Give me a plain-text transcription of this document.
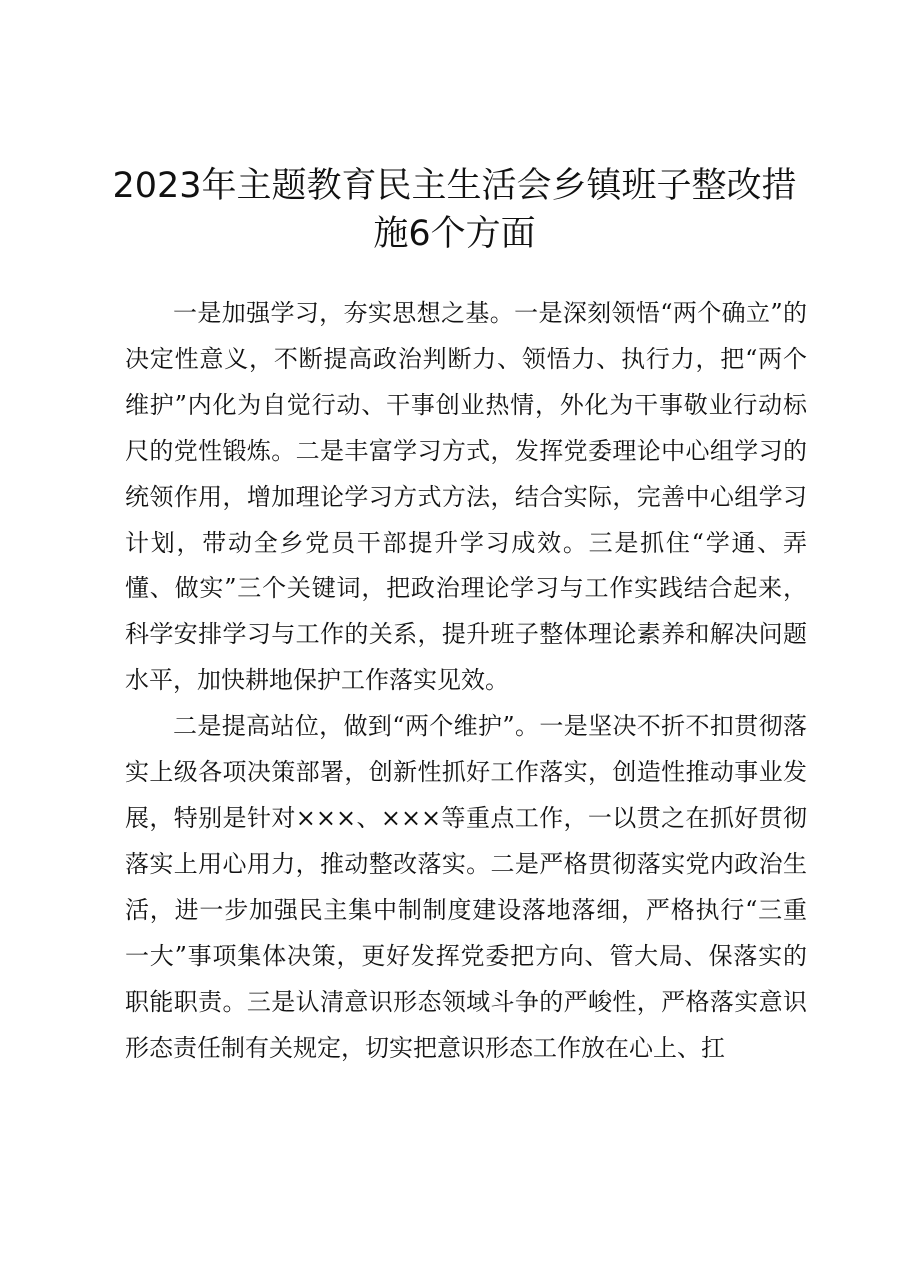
2023年主题教育民主生活会乡镇班子整改措施6个方面

一是加强学习，夯实思想之基。一是深刻领悟“两个确立”的决定性意义，不断提高政治判断力、领悟力、执行力，把“两个维护”内化为自觉行动、干事创业热情，外化为干事敬业行动标尺的党性锻炼。二是丰富学习方式，发挥党委理论中心组学习的统领作用，增加理论学习方式方法，结合实际，完善中心组学习计划，带动全乡党员干部提升学习成效。三是抓住“学通、弄懂、做实”三个关键词，把政治理论学习与工作实践结合起来，科学安排学习与工作的关系，提升班子整体理论素养和解决问题水平，加快耕地保护工作落实见效。

二是提高站位，做到“两个维护”。一是坚决不折不扣贯彻落实上级各项决策部署，创新性抓好工作落实，创造性推动事业发展，特别是针对×××、×××等重点工作，一以贯之在抓好贯彻落实上用心用力，推动整改落实。二是严格贯彻落实党内政治生活，进一步加强民主集中制制度建设落地落细，严格执行“三重一大”事项集体决策，更好发挥党委把方向、管大局、保落实的职能职责。三是认清意识形态领域斗争的严峻性，严格落实意识形态责任制有关规定，切实把意识形态工作放在心上、扛
